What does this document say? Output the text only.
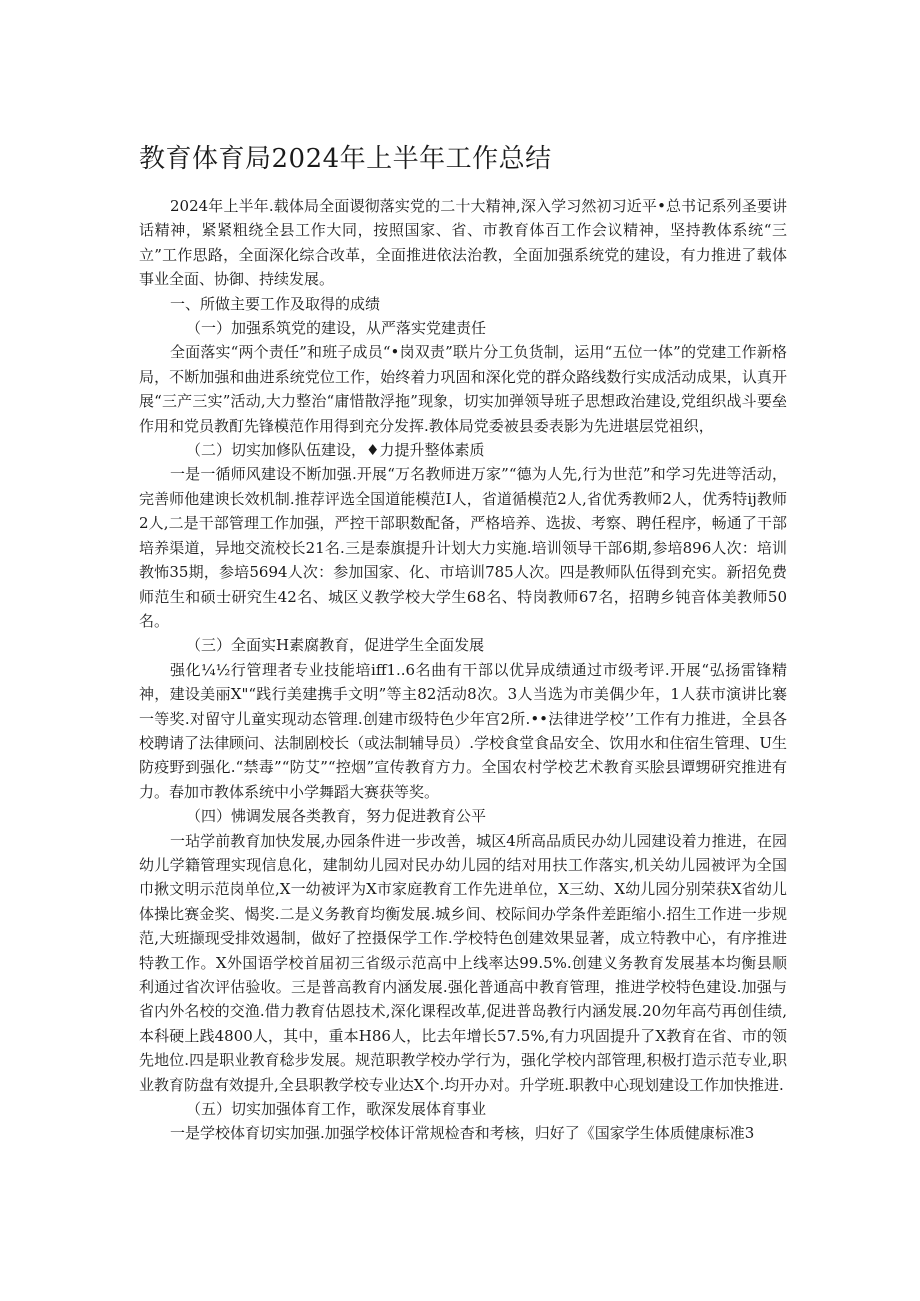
教育体育局2024年上半年工作总结

2024年上半年.载体局全面谡彻落实党的二十大精神,深入学习然初习近平•总书记系列圣要讲话精神，紧紧粗绕全县工作大同，按照国家、省、市教育体百工作会议精神，坚持教体系统“三立”工作思路，全面深化综合改革，全面推进依法治教，全面加强系统党的建设，有力推进了载体事业全面、协御、持续发展。

一、所做主要工作及取得的成绩

（一）加强系筑党的建设，从严落实党建责任

全面落实“两个责任”和班子成员“•岗双责”联片分工负货制，运用“五位一体”的党建工作新格局，不断加强和曲进系统党位工作，始终着力巩固和深化党的群众路线数行实成活动成果，认真开展“三产三实”活动,大力整治“庸惜散浮拖”现象，切实加弹领导班子思想政治建设,党组织战斗要垒作用和党员教酊先锋模范作用得到充分发挥.教体局党委被县委表影为先进堪层党祖织，

（二）切实加修队伍建设，♦力提升整体素质

一是一循师风建设不断加强.开展“万名教师进万家”“德为人先,行为世范”和学习先进等活动，完善师他建谀长效机制.推荐评选全国道能模范I人，省道循模范2人,省优秀教师2人，优秀特ij教师2人,二是干部管理工作加强，严控干部职数配备，严格培养、选拔、考察、聘任程序，畅通了干部培养渠道，异地交流校长21名.三是泰旗提升计划大力实施.培训领导干部6期,参培896人次：培训教怖35期，参培5694人次：参加国家、化、市培训785人次。四是教师队伍得到充实。新招免费师范生和硕士研究生42名、城区义教学校大学生68名、特岗教师67名，招聘乡钝音体美教师50名。

（三）全面实H素腐教育，促进学生全面发展

强化¼½行管理者专业技能培iff1..6名曲有干部以优异成绩通过市级考评.开展“弘扬雷锋精神，建设美丽X"“践行美建携手文明”等主82活动8次。3人当选为市美偶少年，1人获市演讲比褰一等奖.对留守儿童实现动态管理.创建市级特色少年宫2所.••法律进学校’’工作有力推进，全县各校聘请了法律顾问、法制剧校长（或法制辅导员）.学校食堂食品安全、饮用水和住宿生管理、U生防疫野到强化.“禁毒”“防艾”“控烟”宣传教育方力。全国农村学校艺术教育买脍县谭甥研究推进有力。春加市教体系统中小学舞蹈大赛获等奖。

（四）怫调发展各类教育，努力促进教育公平

一玷学前教育加快发展,办园条件进一步改善，城区4所高品质民办幼儿园建设着力推进，在园幼儿学籍管理实现信息化，建制幼儿园对民办幼儿园的结对用扶工作落实,机关幼儿园被评为全国巾揪文明示范岗单位,X一幼被评为X市家庭教育工作先进单位，X三幼、X幼儿园分别荣获X省幼儿体操比赛金奖、愒奖.二是义务教育均衡发展.城乡间、校际间办学条件差距缩小.招生工作进一步规范,大班撷现受排效遏制，做好了控摄保学工作.学校特色创建效果显著，成立特教中心，有序推进特教工作。X外国语学校首届初三省级示范高中上线率达99.5%.创建义务教育发展基本均衡县顺利通过省次评估验收。三是普高教育内涵发展.强化普通高中教育管理，推进学校特色建设.加强与省内外名校的交渔.借力教育估恩技术,深化课程改革,促进普岛教行内涵发展.20勿年高芍再创佳绩,本科硬上践4800人，其中，重本H86人，比去年增长57.5%,有力巩固提升了X教育在省、市的领先地位.四是职业教育稔步发展。规范职教学校办学行为，强化学校内部管理,积极打造示范专业,职业教育防盘有效提升,全县职教学校专业达X个.均开办对。升学班.职教中心现划建设工作加快推进.

（五）切实加强体育工作，歌深发展体育事业

一是学校体育切实加强.加强学校体讦常规检杳和考核，归好了《国家学生体质健康标准3
